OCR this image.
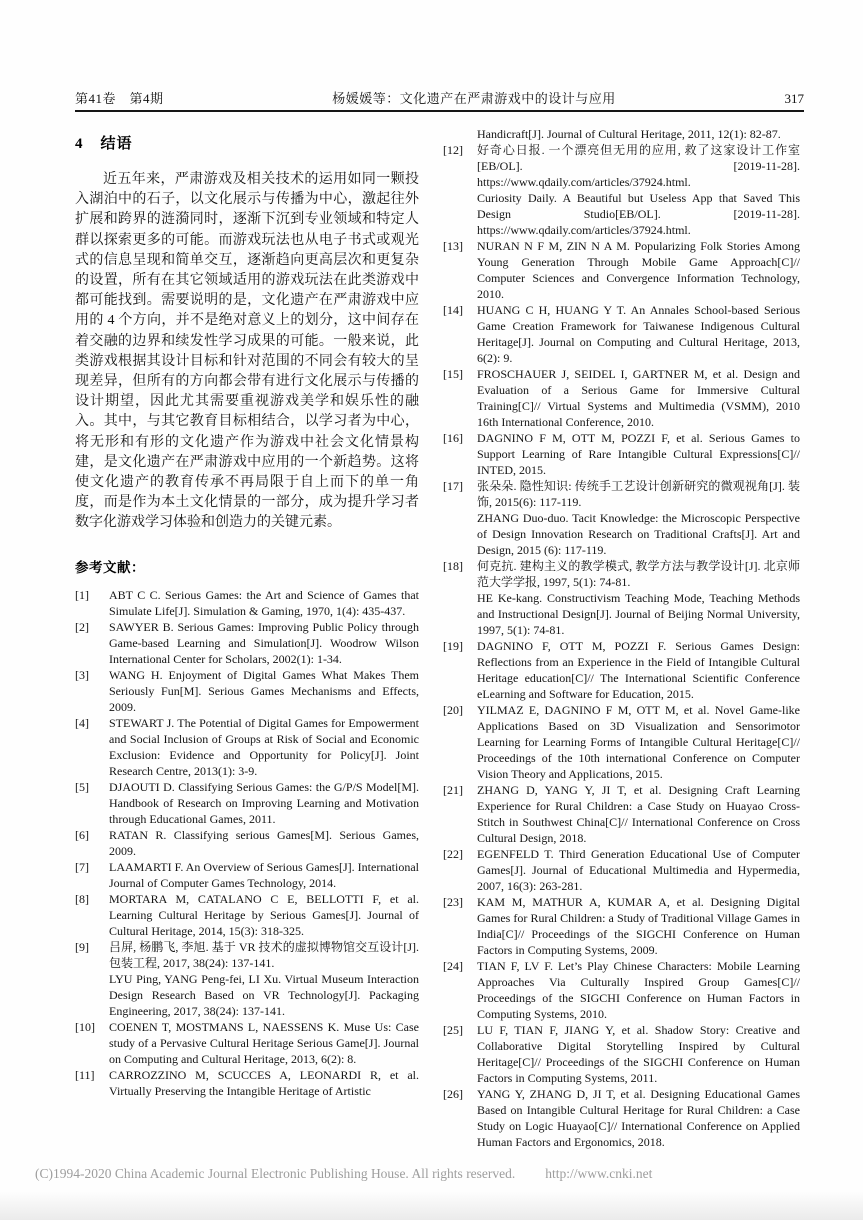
第41卷　第4期	杨媛媛等：文化遗产在严肃游戏中的设计与应用	317
4 结语

近五年来，严肃游戏及相关技术的运用如同一颗投入湖泊中的石子，以文化展示与传播为中心，激起往外扩展和跨界的涟漪同时，逐渐下沉到专业领域和特定人群以探索更多的可能。而游戏玩法也从电子书式或观光式的信息呈现和简单交互，逐渐趋向更高层次和更复杂的设置，所有在其它领域适用的游戏玩法在此类游戏中都可能找到。需要说明的是，文化遗产在严肃游戏中应用的 4 个方向，并不是绝对意义上的划分，这中间存在着交融的边界和续发性学习成果的可能。一般来说，此类游戏根据其设计目标和针对范围的不同会有较大的呈现差异，但所有的方向都会带有进行文化展示与传播的设计期望，因此尤其需要重视游戏美学和娱乐性的融入。其中，与其它教育目标相结合，以学习者为中心，将无形和有形的文化遗产作为游戏中社会文化情景构建，是文化遗产在严肃游戏中应用的一个新趋势。这将使文化遗产的教育传承不再局限于自上而下的单一角度，而是作为本土文化情景的一部分，成为提升学习者数字化游戏学习体验和创造力的关键元素。

参考文献：
[1]	ABT C C. Serious Games: the Art and Science of Games that Simulate Life[J]. Simulation & Gaming, 1970, 1(4): 435-437.
[2]	SAWYER B. Serious Games: Improving Public Policy through Game-based Learning and Simulation[J]. Woodrow Wilson International Center for Scholars, 2002(1): 1-34.
[3]	WANG H. Enjoyment of Digital Games What Makes Them Seriously Fun[M]. Serious Games Mechanisms and Effects, 2009.
[4]	STEWART J. The Potential of Digital Games for Empowerment and Social Inclusion of Groups at Risk of Social and Economic Exclusion: Evidence and Opportunity for Policy[J]. Joint Research Centre, 2013(1): 3-9.
[5]	DJAOUTI D. Classifying Serious Games: the G/P/S Model[M]. Handbook of Research on Improving Learning and Motivation through Educational Games, 2011.
[6]	RATAN R. Classifying serious Games[M]. Serious Games, 2009.
[7]	LAAMARTI F. An Overview of Serious Games[J]. International Journal of Computer Games Technology, 2014.
[8]	MORTARA M, CATALANO C E, BELLOTTI F, et al. Learning Cultural Heritage by Serious Games[J]. Journal of Cultural Heritage, 2014, 15(3): 318-325.
[9]	吕屏, 杨鹏飞, 李旭. 基于 VR 技术的虚拟博物馆交互设计[J]. 包装工程, 2017, 38(24): 137-141.
LYU Ping, YANG Peng-fei, LI Xu. Virtual Museum Interaction Design Research Based on VR Technology[J]. Packaging Engineering, 2017, 38(24): 137-141.
[10]	COENEN T, MOSTMANS L, NAESSENS K. Muse Us: Case study of a Pervasive Cultural Heritage Serious Game[J]. Journal on Computing and Cultural Heritage, 2013, 6(2): 8.
[11]	CARROZZINO M, SCUCCES A, LEONARDI R, et al. Virtually Preserving the Intangible Heritage of Artistic
Handicraft[J]. Journal of Cultural Heritage, 2011, 12(1): 82-87.
[12]	好奇心日报. 一个漂亮但无用的应用, 救了这家设计工作室[EB/OL]. [2019-11-28]. https://www.qdaily.com/articles/37924.html.
Curiosity Daily. A Beautiful but Useless App that Saved This Design Studio[EB/OL]. [2019-11-28]. https://www.qdaily.com/articles/37924.html.
[13]	NURAN N F M, ZIN N A M. Popularizing Folk Stories Among Young Generation Through Mobile Game Approach[C]// Computer Sciences and Convergence Information Technology, 2010.
[14]	HUANG C H, HUANG Y T. An Annales School-based Serious Game Creation Framework for Taiwanese Indigenous Cultural Heritage[J]. Journal on Computing and Cultural Heritage, 2013, 6(2): 9.
[15]	FROSCHAUER J, SEIDEL I, GARTNER M, et al. Design and Evaluation of a Serious Game for Immersive Cultural Training[C]// Virtual Systems and Multimedia (VSMM), 2010 16th International Conference, 2010.
[16]	DAGNINO F M, OTT M, POZZI F, et al. Serious Games to Support Learning of Rare Intangible Cultural Expressions[C]// INTED, 2015.
[17]	张朵朵. 隐性知识: 传统手工艺设计创新研究的微观视角[J]. 装饰, 2015(6): 117-119.
ZHANG Duo-duo. Tacit Knowledge: the Microscopic Perspective of Design Innovation Research on Traditional Crafts[J]. Art and Design, 2015 (6): 117-119.
[18]	何克抗. 建构主义的教学模式, 教学方法与教学设计[J]. 北京师范大学学报, 1997, 5(1): 74-81.
HE Ke-kang. Constructivism Teaching Mode, Teaching Methods and Instructional Design[J]. Journal of Beijing Normal University, 1997, 5(1): 74-81.
[19]	DAGNINO F, OTT M, POZZI F. Serious Games Design: Reflections from an Experience in the Field of Intangible Cultural Heritage education[C]// The International Scientific Conference eLearning and Software for Education, 2015.
[20]	YILMAZ E, DAGNINO F M, OTT M, et al. Novel Game-like Applications Based on 3D Visualization and Sensorimotor Learning for Learning Forms of Intangible Cultural Heritage[C]// Proceedings of the 10th international Conference on Computer Vision Theory and Applications, 2015.
[21]	ZHANG D, YANG Y, JI T, et al. Designing Craft Learning Experience for Rural Children: a Case Study on Huayao Cross-Stitch in Southwest China[C]// International Conference on Cross Cultural Design, 2018.
[22]	EGENFELD T. Third Generation Educational Use of Computer Games[J]. Journal of Educational Multimedia and Hypermedia, 2007, 16(3): 263-281.
[23]	KAM M, MATHUR A, KUMAR A, et al. Designing Digital Games for Rural Children: a Study of Traditional Village Games in India[C]// Proceedings of the SIGCHI Conference on Human Factors in Computing Systems, 2009.
[24]	TIAN F, LV F. Let’s Play Chinese Characters: Mobile Learning Approaches Via Culturally Inspired Group Games[C]// Proceedings of the SIGCHI Conference on Human Factors in Computing Systems, 2010.
[25]	LU F, TIAN F, JIANG Y, et al. Shadow Story: Creative and Collaborative Digital Storytelling Inspired by Cultural Heritage[C]// Proceedings of the SIGCHI Conference on Human Factors in Computing Systems, 2011.
[26]	YANG Y, ZHANG D, JI T, et al. Designing Educational Games Based on Intangible Cultural Heritage for Rural Children: a Case Study on Logic Huayao[C]// International Conference on Applied Human Factors and Ergonomics, 2018.
(C)1994-2020 China Academic Journal Electronic Publishing House. All rights reserved. http://www.cnki.net
